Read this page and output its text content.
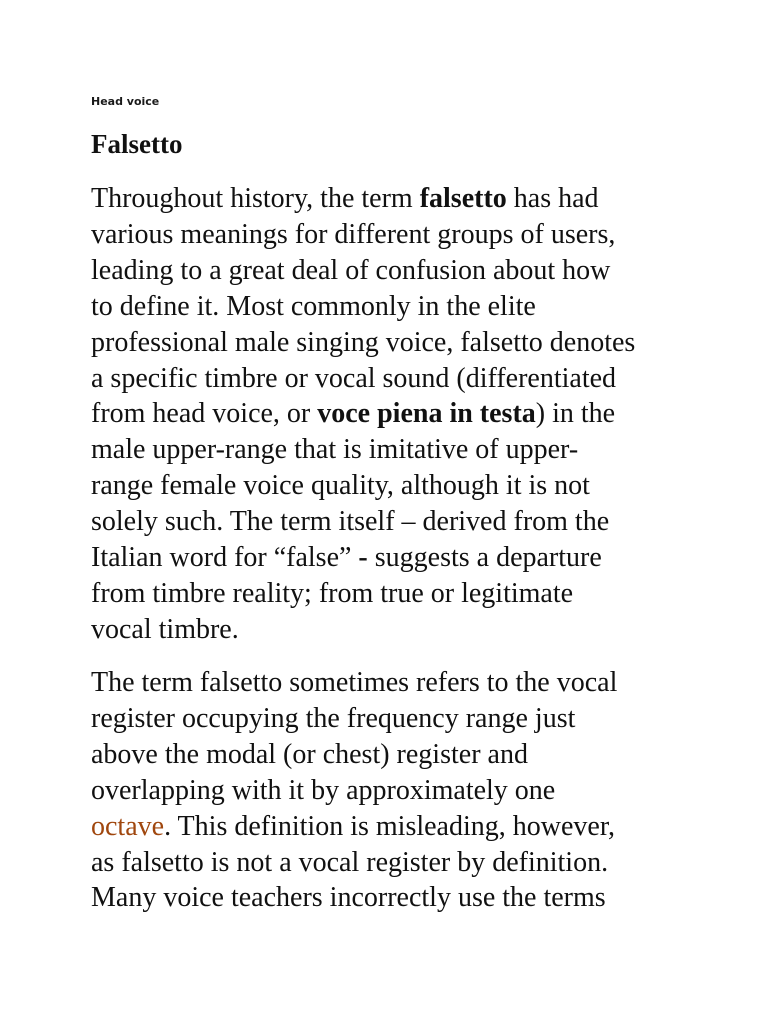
Head voice
Falsetto

Throughout history, the term falsetto has had
various meanings for different groups of users,
leading to a great deal of confusion about how
to define it. Most commonly in the elite
professional male singing voice, falsetto denotes
a specific timbre or vocal sound (differentiated
from head voice, or voce piena in testa) in the
male upper-range that is imitative of upper-
range female voice quality, although it is not
solely such. The term itself – derived from the
Italian word for “false” - suggests a departure
from timbre reality; from true or legitimate
vocal timbre.

The term falsetto sometimes refers to the vocal
register occupying the frequency range just
above the modal (or chest) register and
overlapping with it by approximately one
octave. This definition is misleading, however,
as falsetto is not a vocal register by definition.
Many voice teachers incorrectly use the terms
